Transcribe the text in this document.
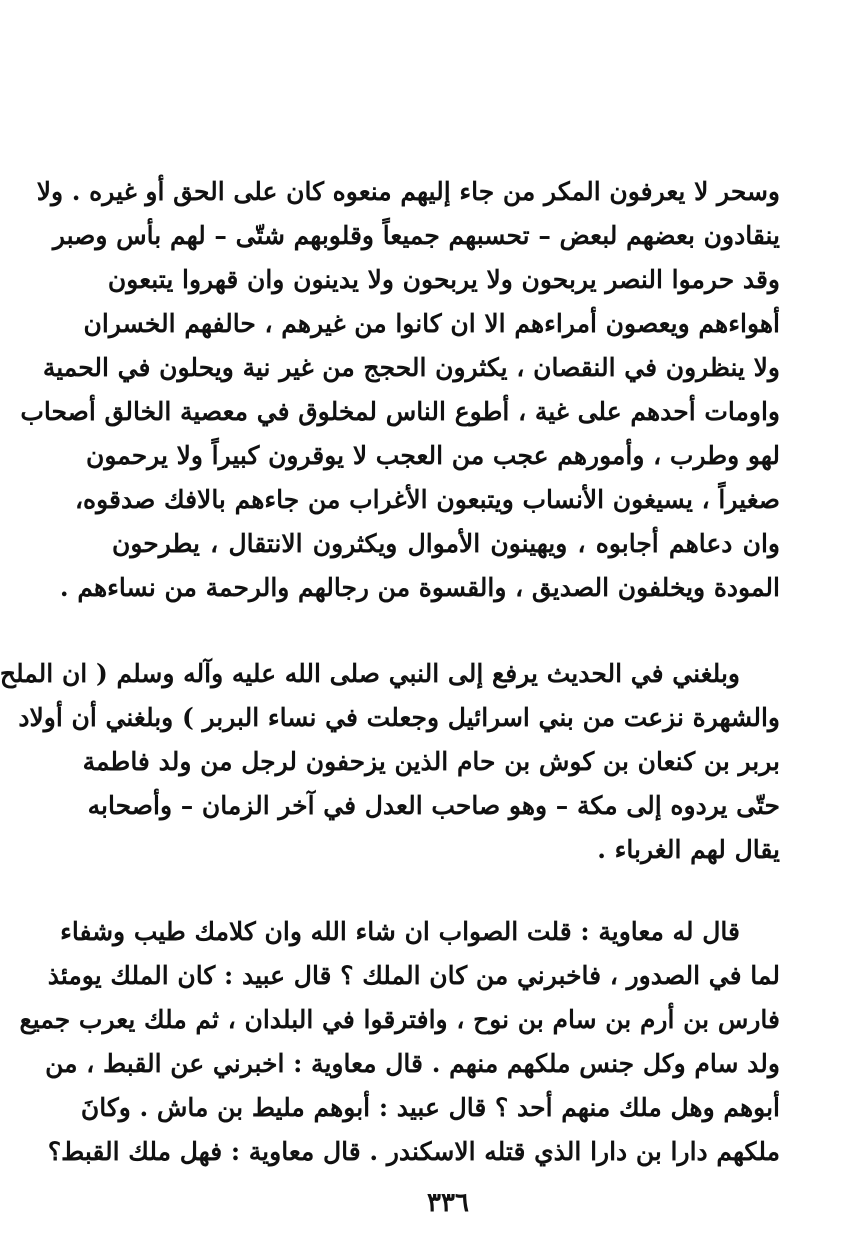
وسحر لا يعرفون المكر من جاء إليهم منعوه كان على الحق أو غيره . ولا
ينقادون بعضهم لبعض – تحسبهم جميعاً وقلوبهم شتّى – لهم بأس وصبر
وقد حرموا النصر يربحون ولا يربحون ولا يدينون وان قهروا يتبعون
أهواءهم ويعصون أمراءهم الا ان كانوا من غيرهم ، حالفهم الخسران
ولا ينظرون في النقصان ، يكثرون الحجج من غير نية ويحلون في الحمية
واومات أحدهم على غية ، أطوع الناس لمخلوق في معصية الخالق أصحاب
لهو وطرب ، وأمورهم عجب من العجب لا يوقرون كبيراً ولا يرحمون
صغيراً ، يسيغون الأنساب ويتبعون الأغراب من جاءهم بالافك صدقوه،
وان دعاهم أجابوه ، ويهينون الأموال ويكثرون الانتقال ، يطرحون
المودة ويخلفون الصديق ، والقسوة من رجالهم والرحمة من نساءهم .
وبلغني في الحديث يرفع إلى النبي صلى الله عليه وآله وسلم ( ان الملح
والشهرة نزعت من بني اسرائيل وجعلت في نساء البربر ) وبلغني أن أولاد
بربر بن كنعان بن كوش بن حام الذين يزحفون لرجل من ولد فاطمة
حتّى يردوه إلى مكة – وهو صاحب العدل في آخر الزمان – وأصحابه
يقال لهم الغرباء .
قال له معاوية : قلت الصواب ان شاء الله وان كلامك طيب وشفاء
لما في الصدور ، فاخبرني من كان الملك ؟ قال عبيد : كان الملك يومئذ
فارس بن أرم بن سام بن نوح ، وافترقوا في البلدان ، ثم ملك يعرب جميع
ولد سام وكل جنس ملكهم منهم . قال معاوية : اخبرني عن القبط ، من
أبوهم وهل ملك منهم أحد ؟ قال عبيد : أبوهم مليط بن ماش . وكانَ
ملكهم دارا بن دارا الذي قتله الاسكندر . قال معاوية : فهل ملك القبط؟
٣٣٦
